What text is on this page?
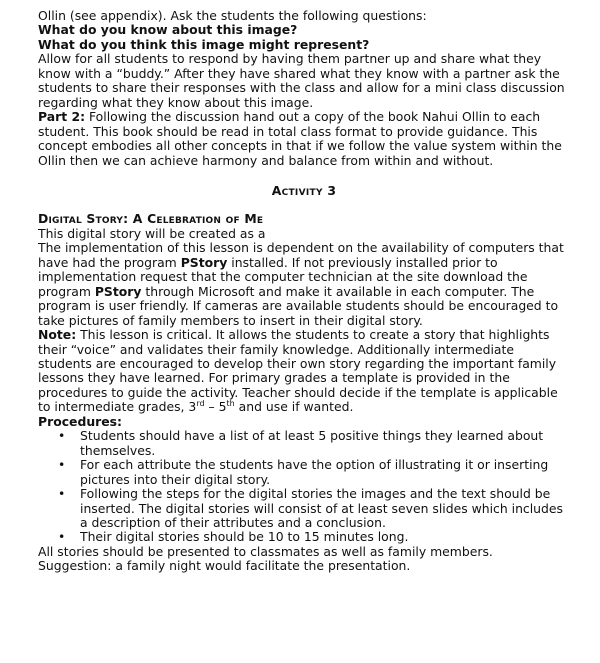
Ollin (see appendix). Ask the students the following questions:

What do you know about this image?

What do you think this image might represent?

Allow for all students to respond by having them partner up and share what they know with a “buddy.” After they have shared what they know with a partner ask the students to share their responses with the class and allow for a mini class discussion regarding what they know about this image.

Part 2: Following the discussion hand out a copy of the book Nahui Ollin to each student. This book should be read in total class format to provide guidance. This concept embodies all other concepts in that if we follow the value system within the Ollin then we can achieve harmony and balance from within and without.

Activity 3

Digital Story: A Celebration of Me

This digital story will be created as a

The implementation of this lesson is dependent on the availability of computers that have had the program PStory installed. If not previously installed prior to implementation request that the computer technician at the site download the program PStory through Microsoft and make it available in each computer. The program is user friendly. If cameras are available students should be encouraged to take pictures of family members to insert in their digital story.

Note: This lesson is critical. It allows the students to create a story that highlights their “voice” and validates their family knowledge. Additionally intermediate students are encouraged to develop their own story regarding the important family lessons they have learned. For primary grades a template is provided in the procedures to guide the activity. Teacher should decide if the template is applicable to intermediate grades, 3rd – 5th and use if wanted.

Procedures:

• Students should have a list of at least 5 positive things they learned about themselves.
• For each attribute the students have the option of illustrating it or inserting pictures into their digital story.
• Following the steps for the digital stories the images and the text should be inserted. The digital stories will consist of at least seven slides which includes a description of their attributes and a conclusion.
• Their digital stories should be 10 to 15 minutes long.

All stories should be presented to classmates as well as family members.

Suggestion: a family night would facilitate the presentation.
